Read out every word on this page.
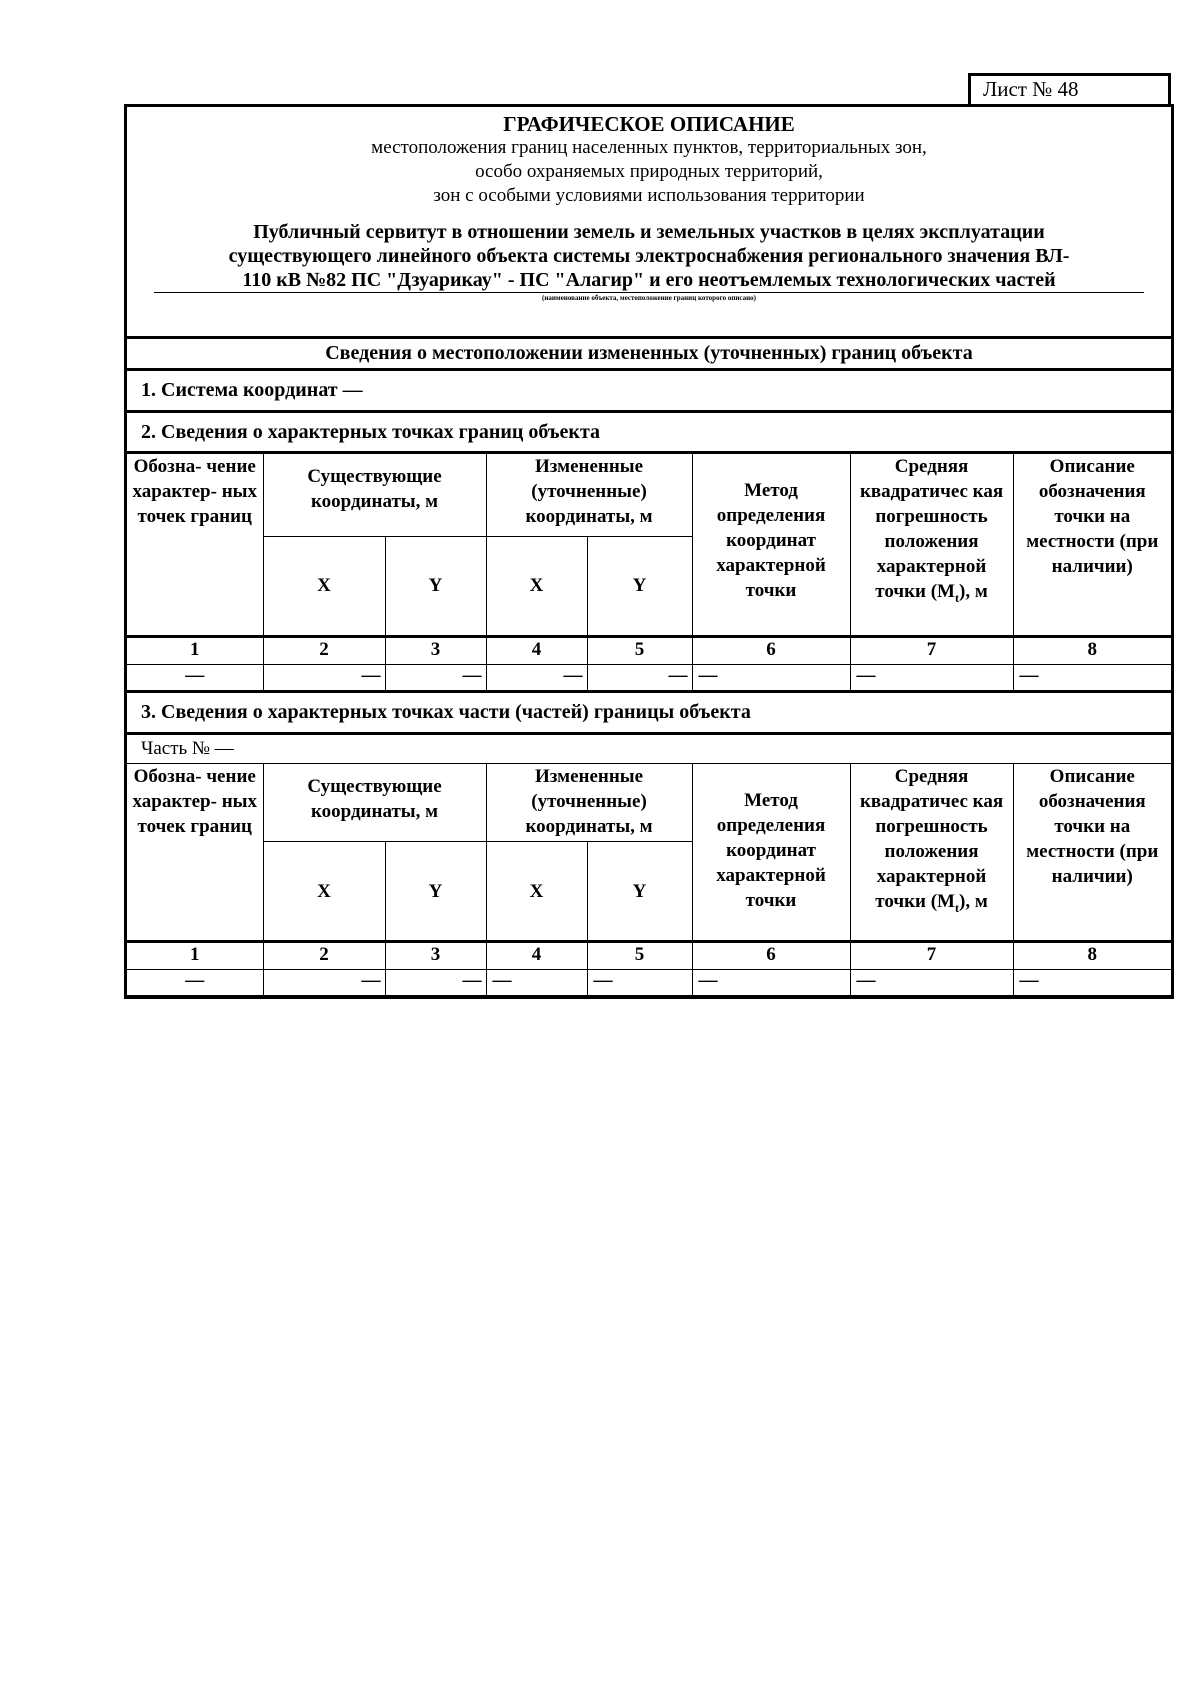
Лист № 48
ГРАФИЧЕСКОЕ ОПИСАНИЕ
местоположения границ населенных пунктов, территориальных зон,
особо охраняемых природных территорий,
зон с особыми условиями использования территории
Публичный сервитут в отношении земель и земельных участков в целях эксплуатации
существующего линейного объекта системы электроснабжения регионального значения ВЛ-
110 кВ №82 ПС "Дзуарикау" - ПС "Алагир" и его неотъемлемых технологических частей
(наименование объекта, местоположение границ которого описано)
Сведения о местоположении измененных (уточненных) границ объекта
1. Система координат —
2. Сведения о характерных точках границ объекта
Обозна- чение характер- ных точек границ	Существующие координаты, м		Измененные (уточненные) координаты, м		Метод определения координат характерной точки	Средняя квадратичес кая погрешность положения характерной точки $(M_t)$, м	Описание обозначения точки на местности (при наличии)
	X	Y	X	Y			
1	2	3	4	5	6	7	8
—	—	—	—	—	—	—	—
3. Сведения о характерных точках части (частей) границы объекта
Часть № —
Обозна- чение характер- ных точек границ	Существующие координаты, м		Измененные (уточненные) координаты, м		Метод определения координат характерной точки	Средняя квадратичес кая погрешность положения характерной точки $(M_t)$, м	Описание обозначения точки на местности (при наличии)
	X	Y	X	Y			
1	2	3	4	5	6	7	8
—	—	—	—	—	—	—	—
